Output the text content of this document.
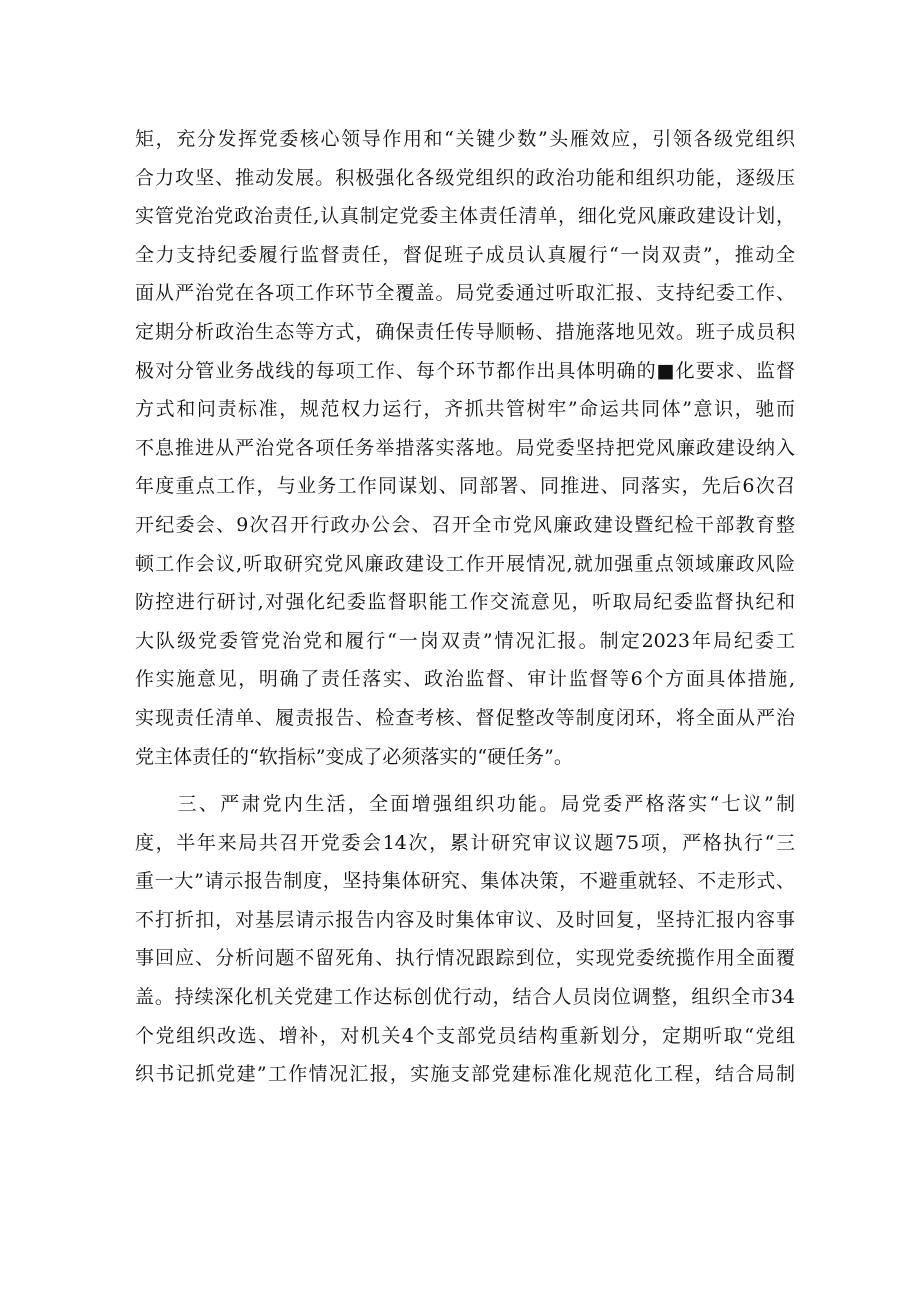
矩，充分发挥党委核心领导作用和“关键少数”头雁效应，引领各级党组织
合力攻坚、推动发展。积极强化各级党组织的政治功能和组织功能，逐级压
实管党治党政治责任,认真制定党委主体责任清单，细化党风廉政建设计划，
全力支持纪委履行监督责任，督促班子成员认真履行“一岗双责”，推动全
面从严治党在各项工作环节全覆盖。局党委通过听取汇报、支持纪委工作、
定期分析政治生态等方式，确保责任传导顺畅、措施落地见效。班子成员积
极对分管业务战线的每项工作、每个环节都作出具体明确的■化要求、监督
方式和问责标准，规范权力运行，齐抓共管树牢”命运共同体”意识，驰而
不息推进从严治党各项任务举措落实落地。局党委坚持把党风廉政建设纳入
年度重点工作，与业务工作同谋划、同部署、同推进、同落实，先后6次召
开纪委会、9次召开行政办公会、召开全市党风廉政建设暨纪检干部教育整
顿工作会议,听取研究党风廉政建设工作开展情况,就加强重点领域廉政风险
防控进行研讨,对强化纪委监督职能工作交流意见，听取局纪委监督执纪和
大队级党委管党治党和履行“一岗双责”情况汇报。制定2023年局纪委工
作实施意见，明确了责任落实、政治监督、审计监督等6个方面具体措施,
实现责任清单、履责报告、检查考核、督促整改等制度闭环，将全面从严治
党主体责任的“软指标”变成了必须落实的“硬任务”。
　　三、严肃党内生活，全面增强组织功能。局党委严格落实“七议”制
度，半年来局共召开党委会14次，累计研究审议议题75项，严格执行“三
重一大”请示报告制度，坚持集体研究、集体决策，不避重就轻、不走形式、
不打折扣，对基层请示报告内容及时集体审议、及时回复，坚持汇报内容事
事回应、分析问题不留死角、执行情况跟踪到位，实现党委统揽作用全面覆
盖。持续深化机关党建工作达标创优行动，结合人员岗位调整，组织全市34
个党组织改选、增补，对机关4个支部党员结构重新划分，定期听取“党组
织书记抓党建”工作情况汇报，实施支部党建标准化规范化工程，结合局制
